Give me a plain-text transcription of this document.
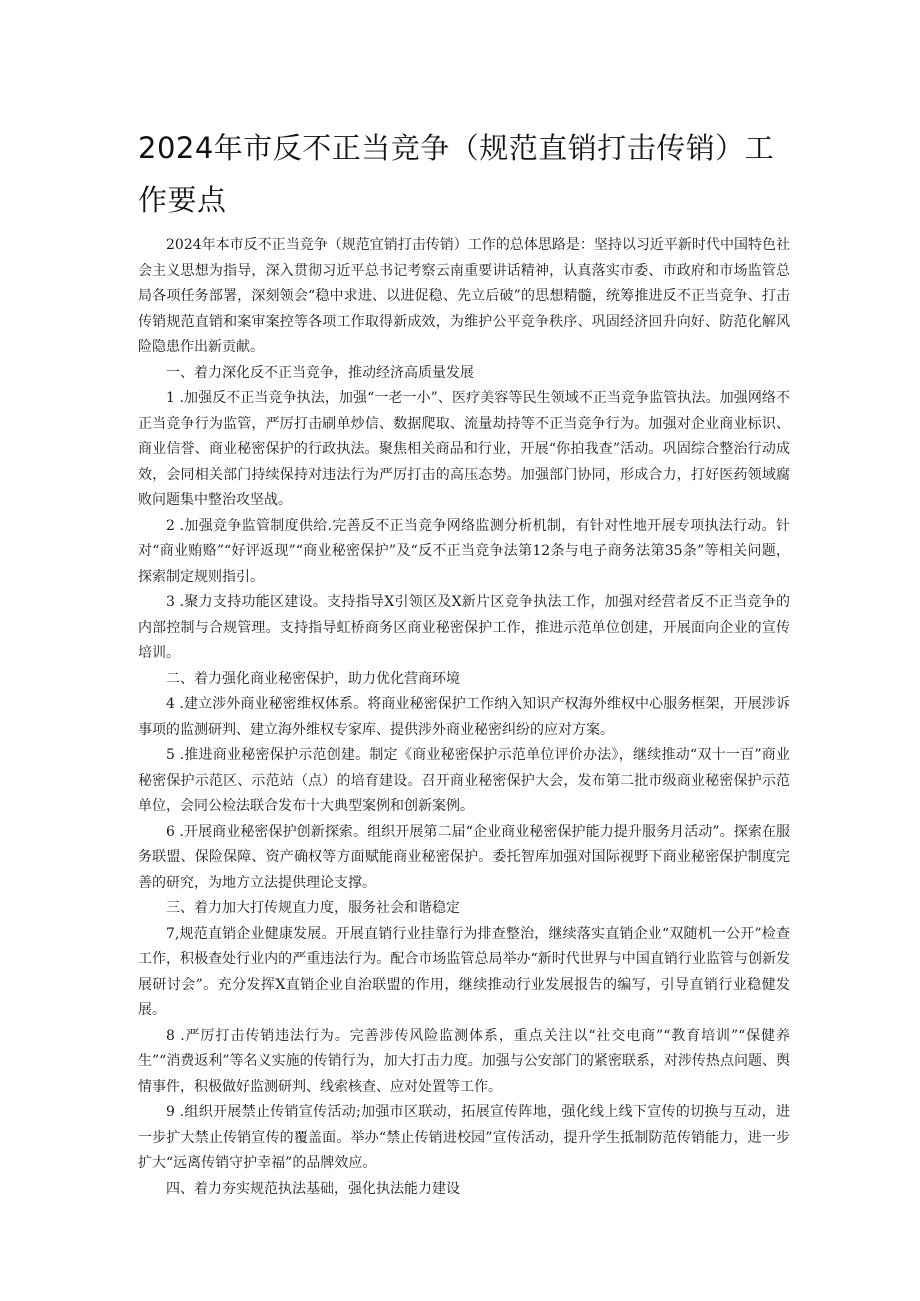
2024年市反不正当竞争（规范直销打击传销）工作要点

2024年本市反不正当竞争（规范宜销打击传销）工作的总体思路是：坚持以习近平新时代中国特色社会主义思想为指导，深入贯彻习近平总书记考察云南重要讲话精神，认真落实市委、市政府和市场监管总局各项任务部署，深刻领会“稳中求进、以进促稳、先立后破”的思想精髓，统筹推进反不正当竞争、打击传销规范直销和案审案控等各项工作取得新成效，为维护公平竞争秩序、巩固经济回升向好、防范化解风险隐患作出新贡献。

一、着力深化反不正当竞争，推动经济高质量发展

1 .加强反不正当竞争执法，加强“一老一小”、医疗美容等民生领域不正当竞争监管执法。加强网络不正当竞争行为监管，严厉打击刷单炒信、数据爬取、流量劫持等不正当竞争行为。加强对企业商业标识、商业信誉、商业秘密保护的行政执法。聚焦相关商品和行业，开展“你拍我查”活动。巩固综合整治行动成效，会同相关部门持续保持对违法行为严厉打击的高压态势。加强部门协同，形成合力，打好医药领域腐败问题集中整治攻坚战。

2 .加强竞争监管制度供给.完善反不正当竞争网络监测分析机制，有针对性地开展专项执法行动。针对“商业贿赂”“好评返现”“商业秘密保护”及“反不正当竞争法第12条与电子商务法第35条”等相关问题，探索制定规则指引。

3 .聚力支持功能区建设。支持指导X引领区及X新片区竞争执法工作，加强对经营者反不正当竞争的内部控制与合规管理。支持指导虹桥商务区商业秘密保护工作，推进示范单位创建，开展面向企业的宣传培训。

二、着力强化商业秘密保护，助力优化营商环境

4 .建立涉外商业秘密维权体系。将商业秘密保护工作纳入知识产权海外维权中心服务框架，开展涉诉事项的监测研判、建立海外维权专家库、提供涉外商业秘密纠纷的应对方案。

5 .推进商业秘密保护示范创建。制定《商业秘密保护示范单位评价办法》，继续推动“双十一百”商业秘密保护示范区、示范站（点）的培育建设。召开商业秘密保护大会，发布第二批市级商业秘密保护示范单位，会同公检法联合发布十大典型案例和创新案例。

6 .开展商业秘密保护创新探索。组织开展第二届“企业商业秘密保护能力提升服务月活动”。探索在服务联盟、保险保障、资产确权等方面赋能商业秘密保护。委托智库加强对国际视野下商业秘密保护制度完善的研究，为地方立法提供理论支撑。

三、着力加大打传规直力度，服务社会和谐稳定

7,规范直销企业健康发展。开展直销行业挂靠行为排查整治，继续落实直销企业“双随机一公开”检查工作，积极查处行业内的严重违法行为。配合市场监管总局举办“新时代世界与中国直销行业监管与创新发展研讨会”。充分发挥X直销企业自治联盟的作用，继续推动行业发展报告的编写，引导直销行业稳健发展。

8 .严厉打击传销违法行为。完善涉传风险监测体系，重点关注以“社交电商”“教育培训”“保健养生”“消费返利”等名义实施的传销行为，加大打击力度。加强与公安部门的紧密联系，对涉传热点问题、舆情事件，积极做好监测研判、线索核查、应对处置等工作。

9 .组织开展禁止传销宣传活动;加强市区联动，拓展宣传阵地，强化线上线下宣传的切换与互动，进一步扩大禁止传销宣传的覆盖面。举办“禁止传销进校园”宣传活动，提升学生抵制防范传销能力，进一步扩大“远离传销守护幸福”的品牌效应。

四、着力夯实规范执法基础，强化执法能力建设
